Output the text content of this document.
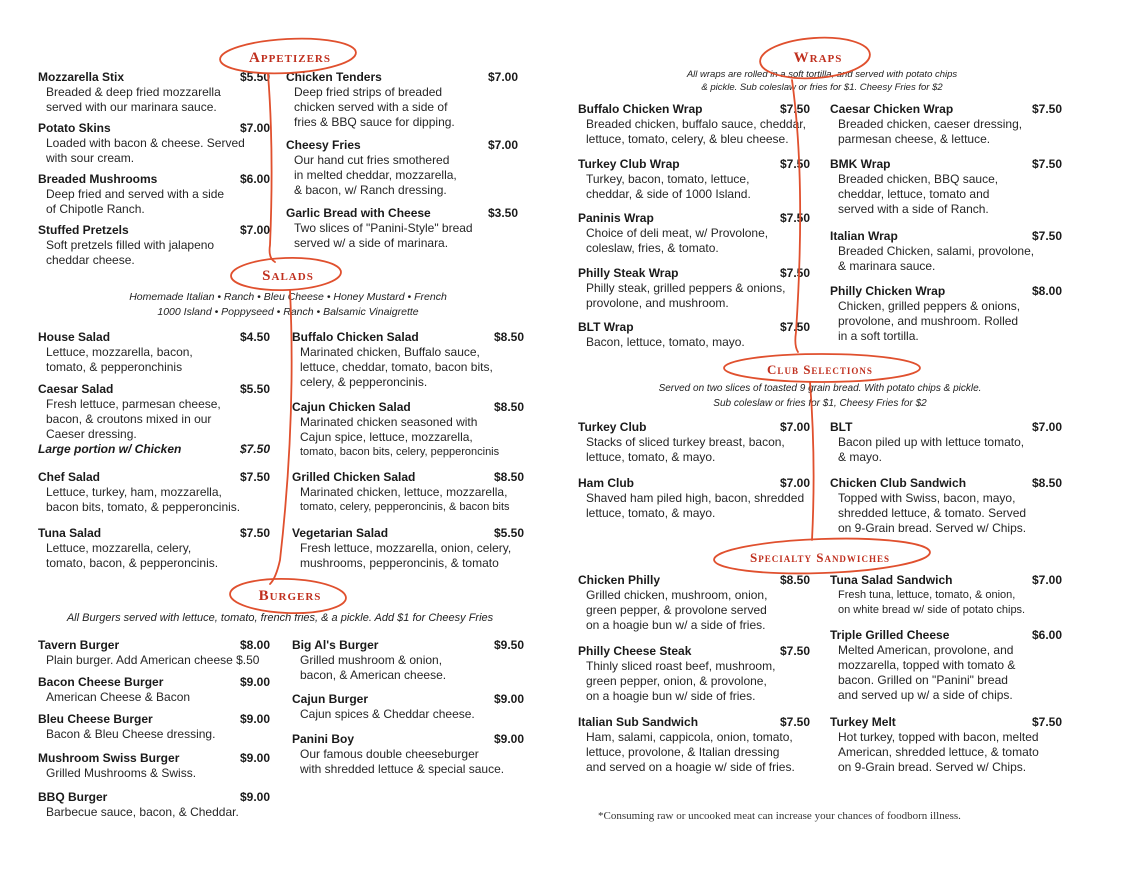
Appetizers
Salads
Burgers
Wraps
Club Selections
Specialty Sandwiches
Homemade Italian • Ranch • Bleu Cheese • Honey Mustard • French
1000 Island • Poppyseed • Ranch • Balsamic Vinaigrette
All Burgers served with lettuce, tomato, french fries, & a pickle. Add $1 for Cheesy Fries
All wraps are rolled in a soft tortilla, and served with potato chips
& pickle. Sub coleslaw or fries for $1. Cheesy Fries for $2
Served on two slices of toasted 9 grain bread. With potato chips & pickle.
Sub coleslaw or fries for $1, Cheesy Fries for $2
Mozzarella Stix	$5.50
Breaded & deep fried mozzarella
served with our marinara sauce.
Potato Skins	$7.00
Loaded with bacon & cheese. Served
with sour cream.
Breaded Mushrooms	$6.00
Deep fried and served with a side
of Chipotle Ranch.
Stuffed Pretzels	$7.00
Soft pretzels filled with jalapeno
cheddar cheese.
Chicken Tenders	$7.00
Deep fried strips of breaded
chicken served with a side of
fries & BBQ sauce for dipping.
Cheesy Fries	$7.00
Our hand cut fries smothered
in melted cheddar, mozzarella,
& bacon, w/ Ranch dressing.
Garlic Bread with Cheese	$3.50
Two slices of "Panini-Style" bread
served w/ a side of marinara.
House Salad	$4.50
Lettuce, mozzarella, bacon,
tomato, & pepperonchinis
Caesar Salad	$5.50
Fresh lettuce, parmesan cheese,
bacon, & croutons mixed in our
Caeser dressing.
Large portion w/ Chicken	$7.50
Chef Salad	$7.50
Lettuce, turkey, ham, mozzarella,
bacon bits, tomato, & pepperoncinis.
Tuna Salad	$7.50
Lettuce, mozzarella, celery,
tomato, bacon, & pepperoncinis.
Buffalo Chicken Salad	$8.50
Marinated chicken, Buffalo sauce,
lettuce, cheddar, tomato, bacon bits,
celery, & pepperoncinis.
Cajun Chicken Salad	$8.50
Marinated chicken seasoned with
Cajun spice, lettuce, mozzarella,
tomato, bacon bits, celery, pepperoncinis
Grilled Chicken Salad	$8.50
Marinated chicken, lettuce, mozzarella,
tomato, celery, pepperoncinis, & bacon bits
Vegetarian Salad	$5.50
Fresh lettuce, mozzarella, onion, celery,
mushrooms, pepperoncinis, & tomato
Tavern Burger	$8.00
Plain burger. Add American cheese $.50
Bacon Cheese Burger	$9.00
American Cheese & Bacon
Bleu Cheese Burger	$9.00
Bacon & Bleu Cheese dressing.
Mushroom Swiss Burger	$9.00
Grilled Mushrooms & Swiss.
BBQ Burger	$9.00
Barbecue sauce, bacon, & Cheddar.
Big Al's Burger	$9.50
Grilled mushroom & onion,
bacon, & American cheese.
Cajun Burger	$9.00
Cajun spices & Cheddar cheese.
Panini Boy	$9.00
Our famous double cheeseburger
with shredded lettuce & special sauce.
Buffalo Chicken Wrap	$7.50
Breaded chicken, buffalo sauce, cheddar,
lettuce, tomato, celery, & bleu cheese.
Turkey Club Wrap	$7.50
Turkey, bacon, tomato, lettuce,
cheddar, & side of 1000 Island.
Paninis Wrap	$7.50
Choice of deli meat, w/ Provolone,
coleslaw, fries, & tomato.
Philly Steak Wrap	$7.50
Philly steak, grilled peppers & onions,
provolone, and mushroom.
BLT Wrap	$7.50
Bacon, lettuce, tomato, mayo.
Caesar Chicken Wrap	$7.50
Breaded chicken, caeser dressing,
parmesan cheese, & lettuce.
BMK Wrap	$7.50
Breaded chicken, BBQ sauce,
cheddar, lettuce, tomato and
served with a side of Ranch.
Italian Wrap	$7.50
Breaded Chicken, salami, provolone,
& marinara sauce.
Philly Chicken Wrap	$8.00
Chicken, grilled peppers & onions,
provolone, and mushroom. Rolled
in a soft tortilla.
Turkey Club	$7.00
Stacks of sliced turkey breast, bacon,
lettuce, tomato, & mayo.
Ham Club	$7.00
Shaved ham piled high, bacon, shredded
lettuce, tomato, & mayo.
BLT	$7.00
Bacon piled up with lettuce tomato,
& mayo.
Chicken Club Sandwich	$8.50
Topped with Swiss, bacon, mayo,
shredded lettuce, & tomato. Served
on 9-Grain bread. Served w/ Chips.
Chicken Philly	$8.50
Grilled chicken, mushroom, onion,
green pepper, & provolone served
on a hoagie bun w/ a side of fries.
Philly Cheese Steak	$7.50
Thinly sliced roast beef, mushroom,
green pepper, onion, & provolone,
on a hoagie bun w/ side of fries.
Italian Sub Sandwich	$7.50
Ham, salami, cappicola, onion, tomato,
lettuce, provolone, & Italian dressing
and served on a hoagie w/ side of fries.
Tuna Salad Sandwich	$7.00
Fresh tuna, lettuce, tomato, & onion,
on white bread w/ side of potato chips.
Triple Grilled Cheese	$6.00
Melted American, provolone, and
mozzarella, topped with tomato &
bacon. Grilled on "Panini" bread
and served up w/ a side of chips.
Turkey Melt	$7.50
Hot turkey, topped with bacon, melted
American, shredded lettuce, & tomato
on 9-Grain bread. Served w/ Chips.
*Consuming raw or uncooked meat can increase your chances of foodborn illness.
